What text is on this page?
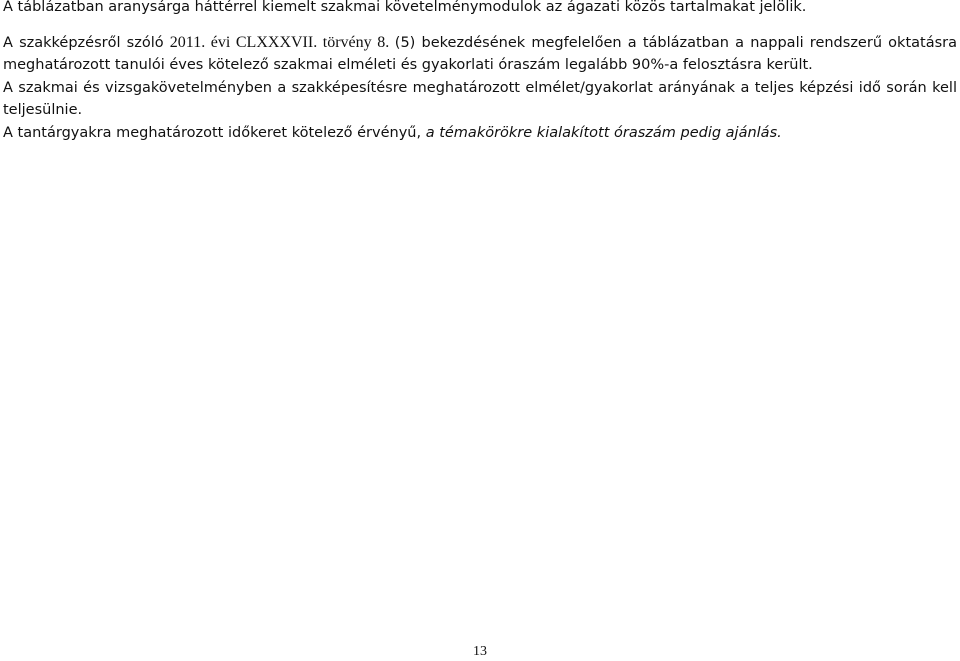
A táblázatban aranysárga háttérrel kiemelt szakmai követelménymodulok az ágazati közös tartalmakat jelölik.

A szakképzésről szóló 2011. évi CLXXXVII. törvény 8. (5) bekezdésének megfelelően a táblázatban a nappali rendszerű oktatásra meghatározott tanulói éves kötelező szakmai elméleti és gyakorlati óraszám legalább 90%-a felosztásra került.

A szakmai és vizsgakövetelményben a szakképesítésre meghatározott elmélet/gyakorlat arányának a teljes képzési idő során kell teljesülnie.

A tantárgyakra meghatározott időkeret kötelező érvényű, a témakörökre kialakított óraszám pedig ajánlás.

13
